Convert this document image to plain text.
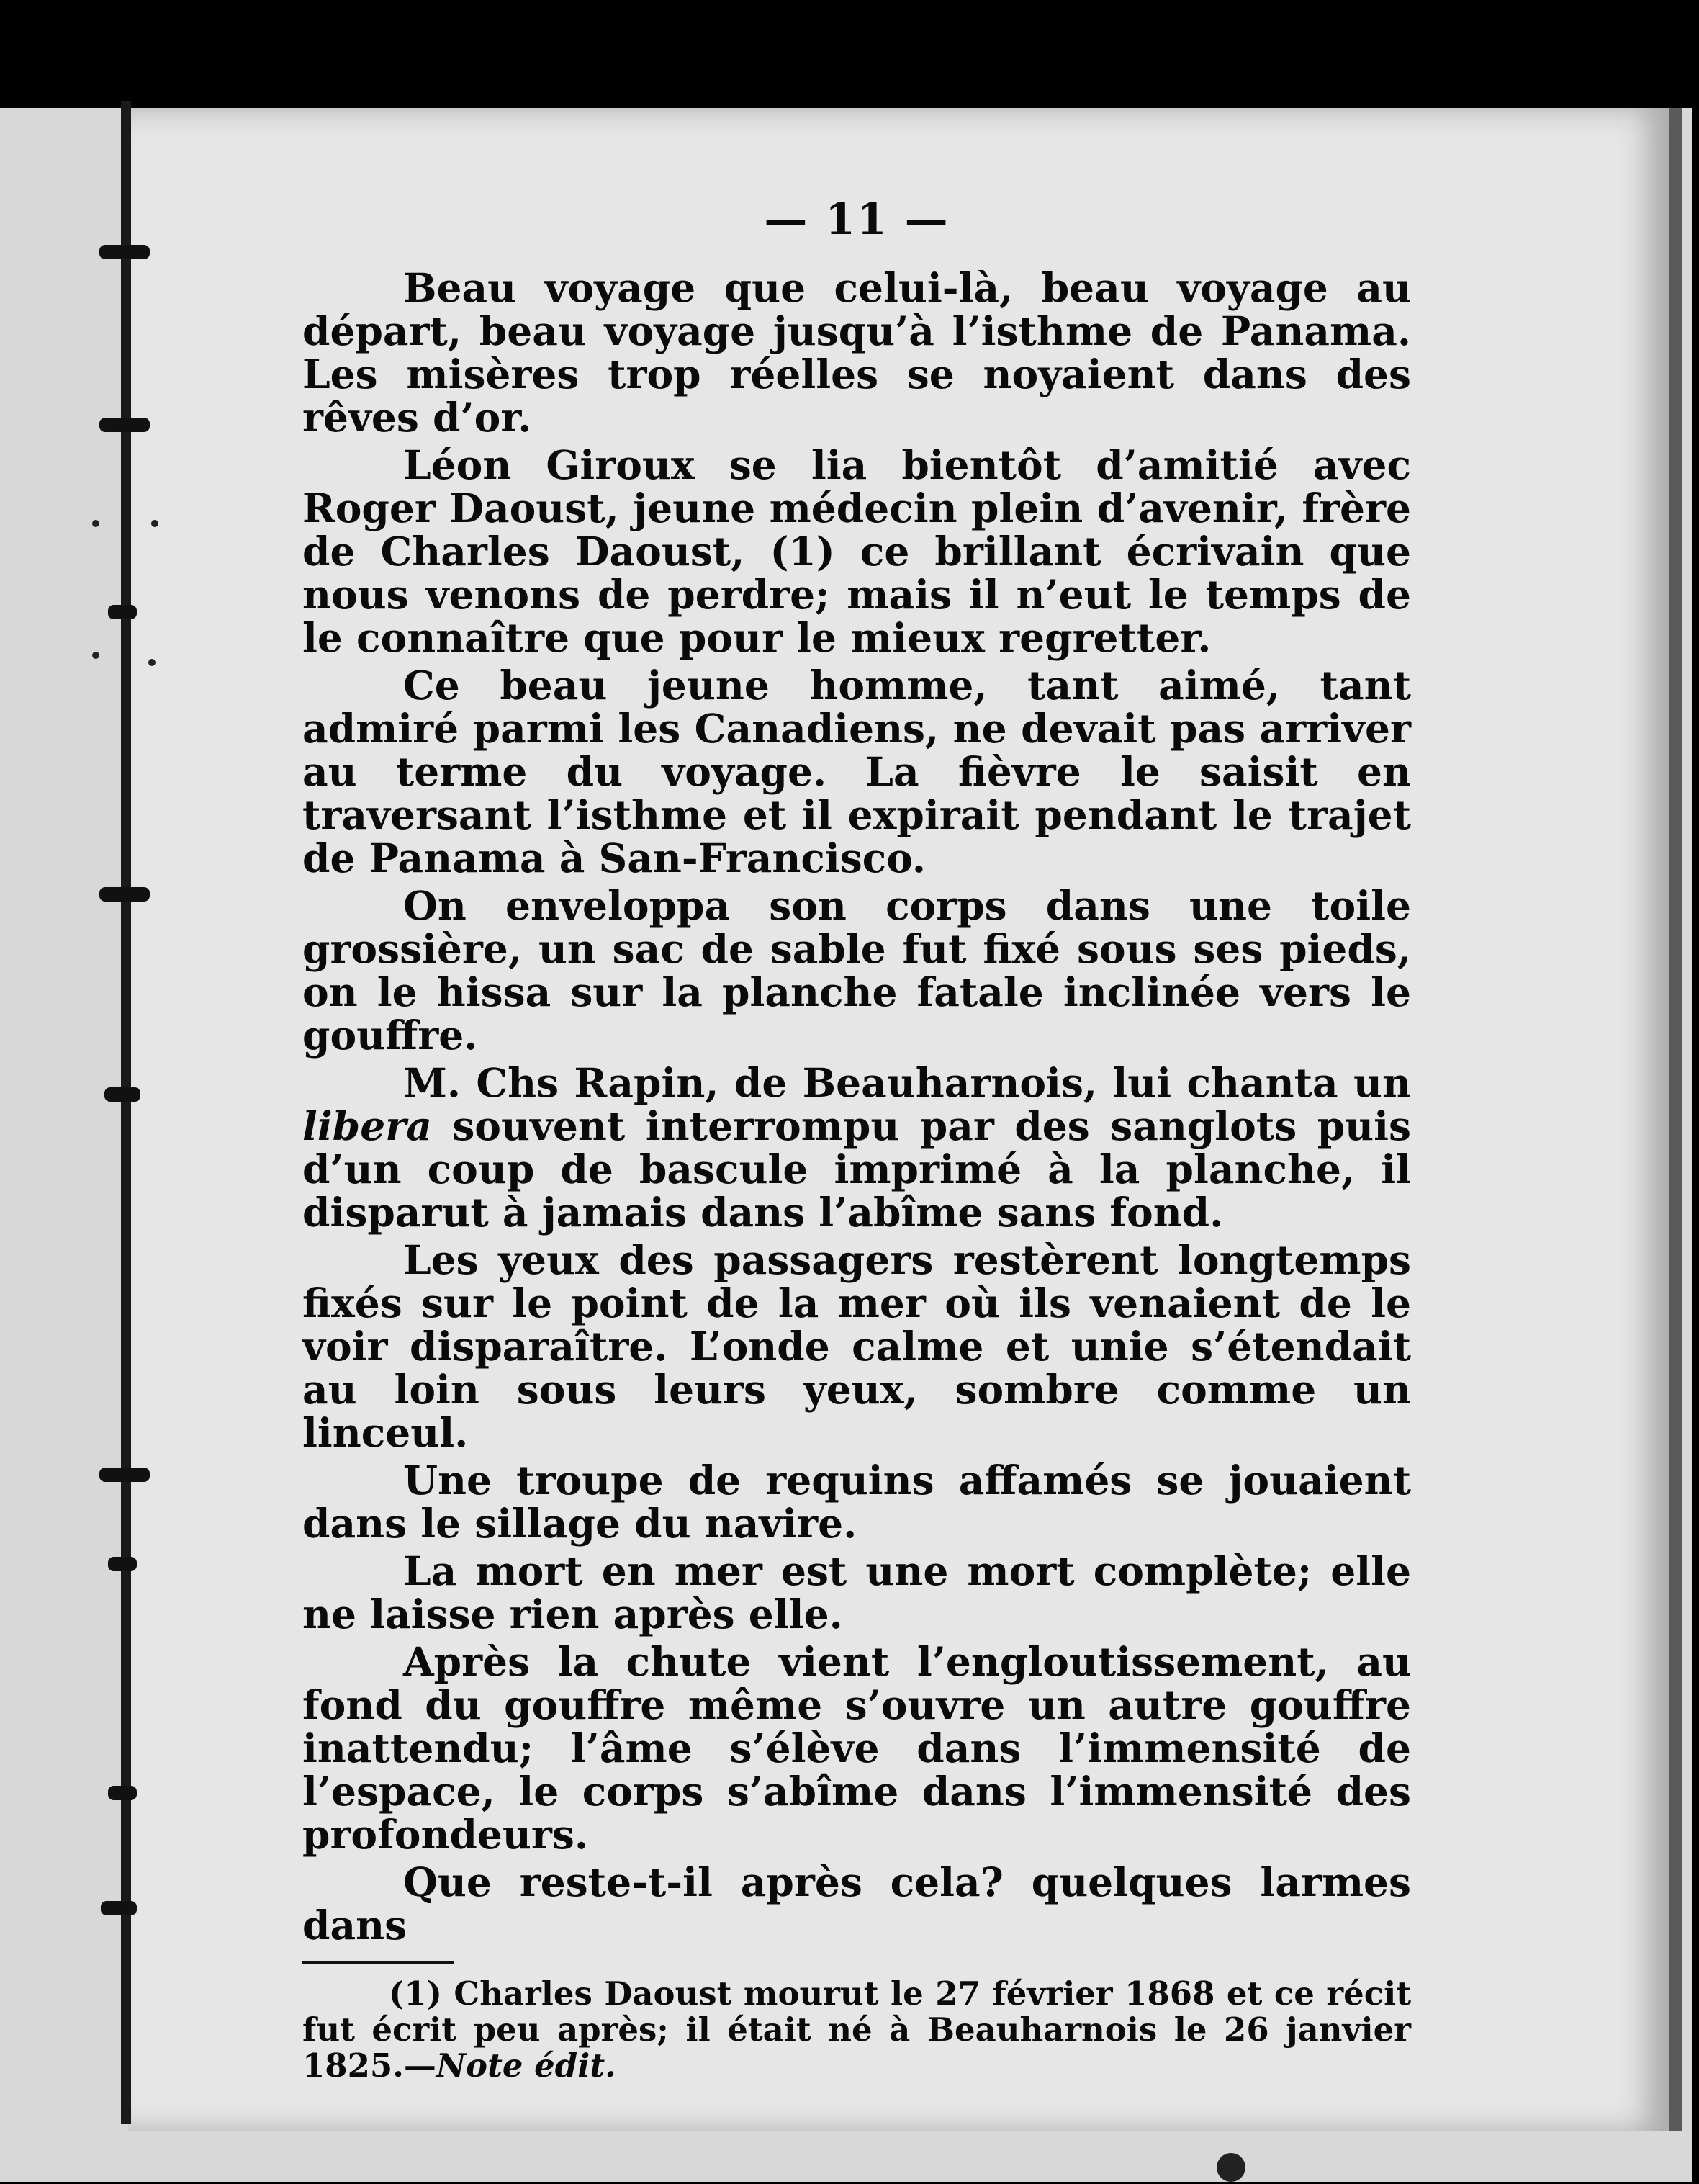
— 11 —

Beau voyage que celui-là, beau voyage au départ, beau voyage jusqu’à l’isthme de Panama. Les misères trop réelles se noyaient dans des rêves d’or.

Léon Giroux se lia bientôt d’amitié avec Roger Daoust, jeune médecin plein d’avenir, frère de Charles Daoust, (1) ce brillant écrivain que nous venons de perdre; mais il n’eut le temps de le connaître que pour le mieux regretter.

Ce beau jeune homme, tant aimé, tant admiré parmi les Canadiens, ne devait pas arriver au terme du voyage. La fièvre le saisit en traversant l’isthme et il expirait pendant le trajet de Panama à San-Francisco.

On enveloppa son corps dans une toile grossière, un sac de sable fut fixé sous ses pieds, on le hissa sur la planche fatale inclinée vers le gouffre.

M. Chs Rapin, de Beauharnois, lui chanta un libera souvent interrompu par des sanglots puis d’un coup de bascule imprimé à la planche, il disparut à jamais dans l’abîme sans fond.

Les yeux des passagers restèrent longtemps fixés sur le point de la mer où ils venaient de le voir disparaître. L’onde calme et unie s’étendait au loin sous leurs yeux, sombre comme un linceul.

Une troupe de requins affamés se jouaient dans le sillage du navire.

La mort en mer est une mort complète; elle ne laisse rien après elle.

Après la chute vient l’engloutissement, au fond du gouffre même s’ouvre un autre gouffre inattendu; l’âme s’élève dans l’immensité de l’espace, le corps s’abîme dans l’immensité des profondeurs.

Que reste-t-il après cela? quelques larmes dans

(1) Charles Daoust mourut le 27 février 1868 et ce récit fut écrit peu après; il était né à Beauharnois le 26 janvier 1825.—Note édit.
